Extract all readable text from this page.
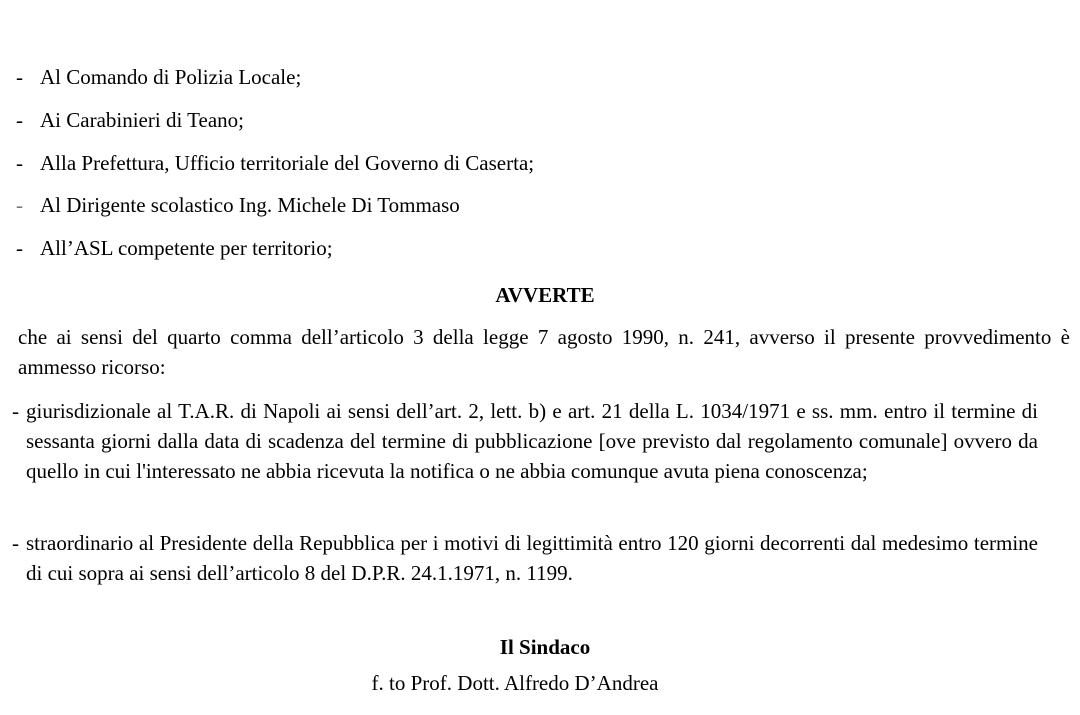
- Al Comando di Polizia Locale;
- Ai Carabinieri di Teano;
- Alla Prefettura, Ufficio territoriale del Governo di Caserta;
- Al Dirigente scolastico Ing. Michele Di Tommaso
- All’ASL competente per territorio;
AVVERTE
che ai sensi del quarto comma dell’articolo 3 della legge 7 agosto 1990, n. 241, avverso il presente provvedimento è ammesso ricorso:
- giurisdizionale al T.A.R. di Napoli ai sensi dell’art. 2, lett. b) e art. 21 della L. 1034/1971 e ss. mm. entro il termine di sessanta giorni dalla data di scadenza del termine di pubblicazione [ove previsto dal regolamento comunale] ovvero da quello in cui l'interessato ne abbia ricevuta la notifica o ne abbia comunque avuta piena conoscenza;
- straordinario al Presidente della Repubblica per i motivi di legittimità entro 120 giorni decorrenti dal medesimo termine di cui sopra ai sensi dell’articolo 8 del D.P.R. 24.1.1971, n. 1199.
Il Sindaco
f. to Prof. Dott. Alfredo D’Andrea
